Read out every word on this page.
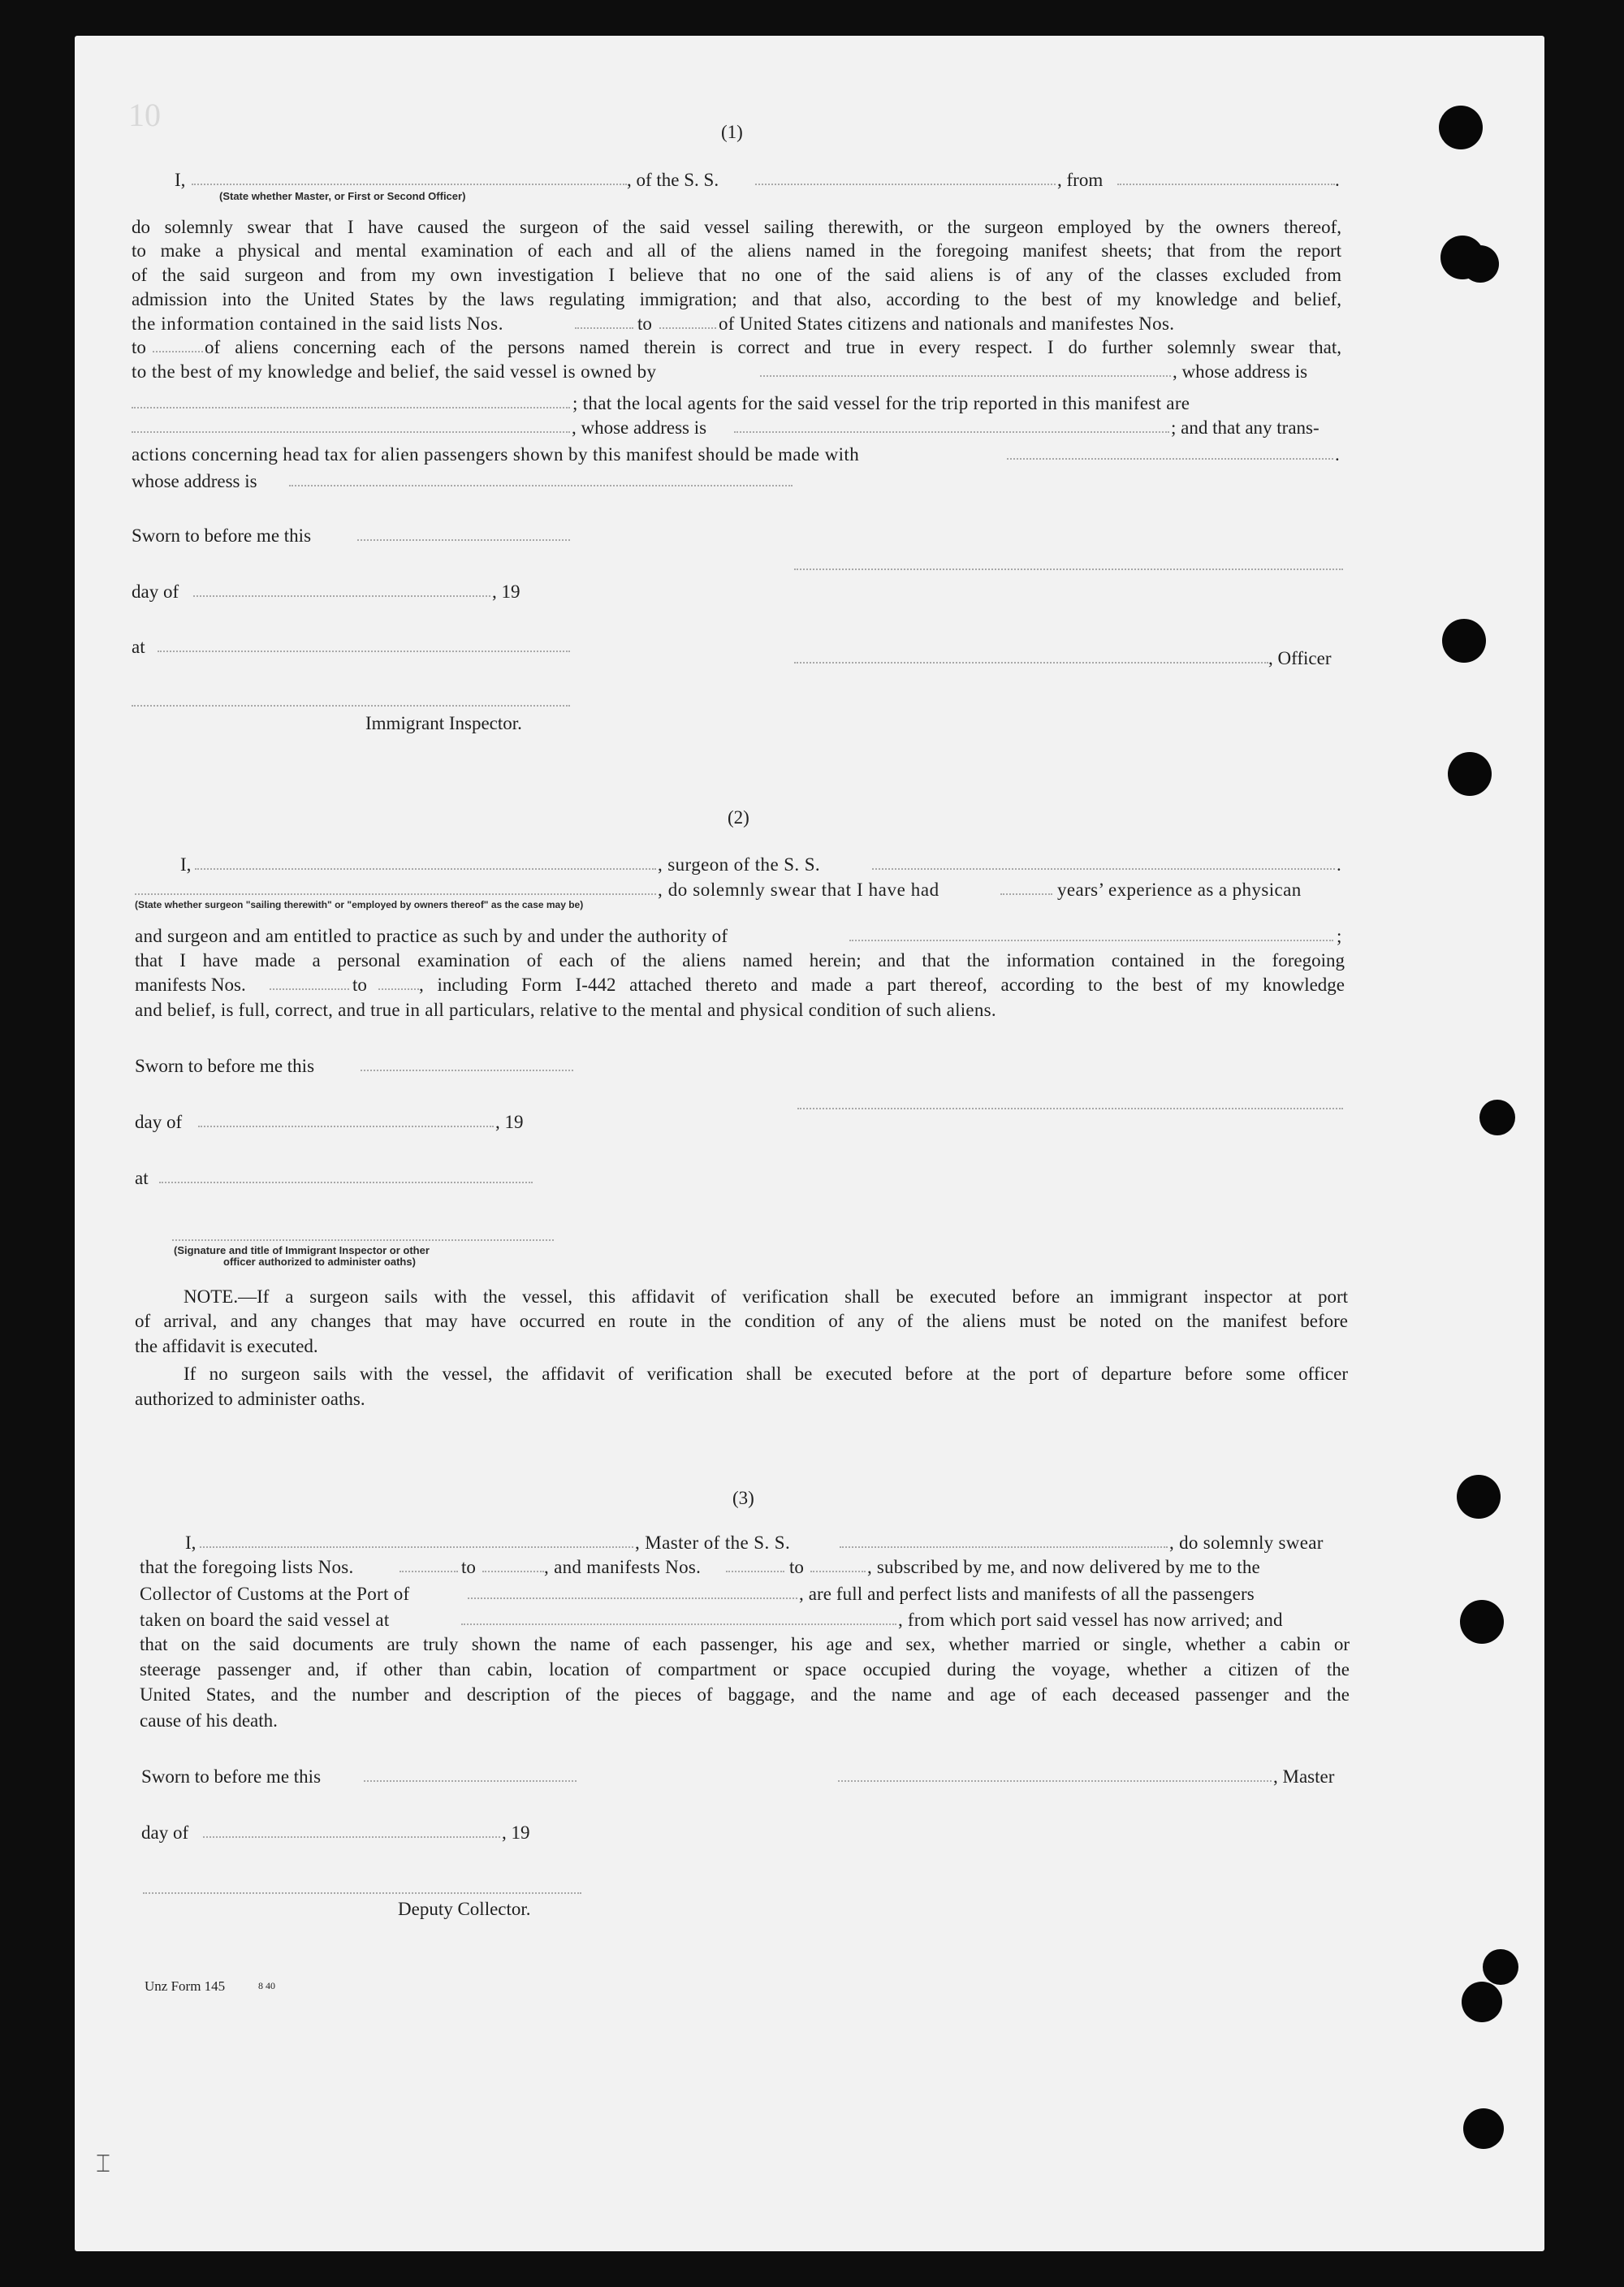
10
⌶
(1)
I,	, of the S. S.	, from	.
(State whether Master, or First or Second Officer)
do solemnly swear that I have caused the surgeon of the said vessel sailing therewith, or the surgeon employed by the owners thereof,
to make a physical and mental examination of each and all of the aliens named in the foregoing manifest sheets; that from the report
of the said surgeon and from my own investigation I believe that no one of the said aliens is of any of the classes excluded from
admission into the United States by the laws regulating immigration; and that also, according to the best of my knowledge and belief,
the information contained in the said lists Nos.	to	of United States citizens and nationals and manifestes Nos.
to	of aliens concerning each of the persons named therein is correct and true in every respect. I do further solemnly swear that,
to the best of my knowledge and belief, the said vessel is owned by	, whose address is
; that the local agents for the said vessel for the trip reported in this manifest are
, whose address is	; and that any trans-
actions concerning head tax for alien passengers shown by this manifest should be made with	.
whose address is
Sworn to before me this
day of	, 19
at
, Officer
Immigrant Inspector.
(2)
I,	, surgeon of the S. S.	.
, do solemnly swear that I have had	years’ experience as a physican
(State whether surgeon "sailing therewith" or "employed by owners thereof" as the case may be)
and surgeon and am entitled to practice as such by and under the authority of	;
that I have made a personal examination of each of the aliens named herein; and that the information contained in the foregoing
manifests Nos.	to	, including Form I-442 attached thereto and made a part thereof, according to the best of my knowledge
and belief, is full, correct, and true in all particulars, relative to the mental and physical condition of such aliens.
Sworn to before me this
day of	, 19
at
(Signature and title of Immigrant Inspector or other
officer authorized to administer oaths)
NOTE.—If a surgeon sails with the vessel, this affidavit of verification shall be executed before an immigrant inspector at port
of arrival, and any changes that may have occurred en route in the condition of any of the aliens must be noted on the manifest before
the affidavit is executed.
If no surgeon sails with the vessel, the affidavit of verification shall be executed before at the port of departure before some officer
authorized to administer oaths.
(3)
I,	, Master of the S. S.	, do solemnly swear
that the foregoing lists Nos.	to	, and manifests Nos.	to	, subscribed by me, and now delivered by me to the
Collector of Customs at the Port of	, are full and perfect lists and manifests of all the passengers
taken on board the said vessel at	, from which port said vessel has now arrived; and
that on the said documents are truly shown the name of each passenger, his age and sex, whether married or single, whether a cabin or
steerage passenger and, if other than cabin, location of compartment or space occupied during the voyage, whether a citizen of the
United States, and the number and description of the pieces of baggage, and the name and age of each deceased passenger and the
cause of his death.
Sworn to before me this	, Master
day of	, 19
Deputy Collector.
Unz Form 145	8 40
